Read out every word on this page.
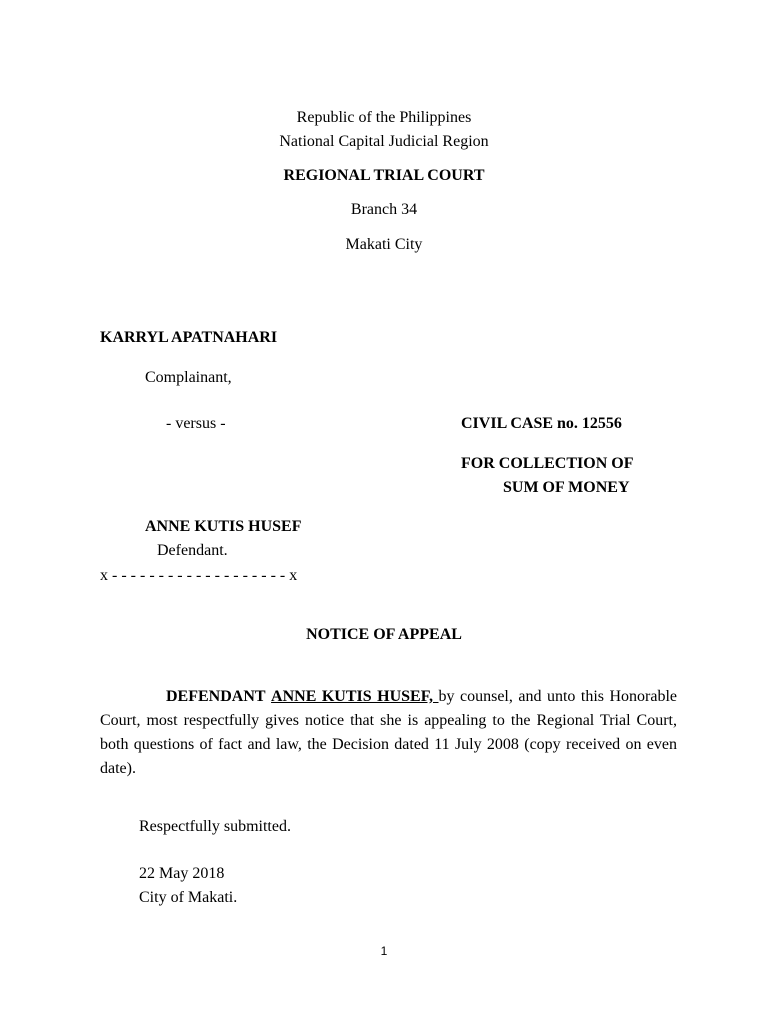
Republic of the Philippines
National Capital Judicial Region
REGIONAL TRIAL COURT
Branch 34
Makati City
KARRYL APATNAHARI
Complainant,
- versus -	CIVIL CASE no. 12556
FOR COLLECTION OF
SUM OF MONEY
ANNE KUTIS HUSEF
Defendant.
x - - - - - - - - - - - - - - - - - - - x
NOTICE OF APPEAL
DEFENDANT ANNE KUTIS HUSEF, by counsel, and unto this Honorable Court, most respectfully gives notice that she is appealing to the Regional Trial Court, both questions of fact and law, the Decision dated 11 July 2008 (copy received on even date).
Respectfully submitted.
22 May 2018
City of Makati.
1
